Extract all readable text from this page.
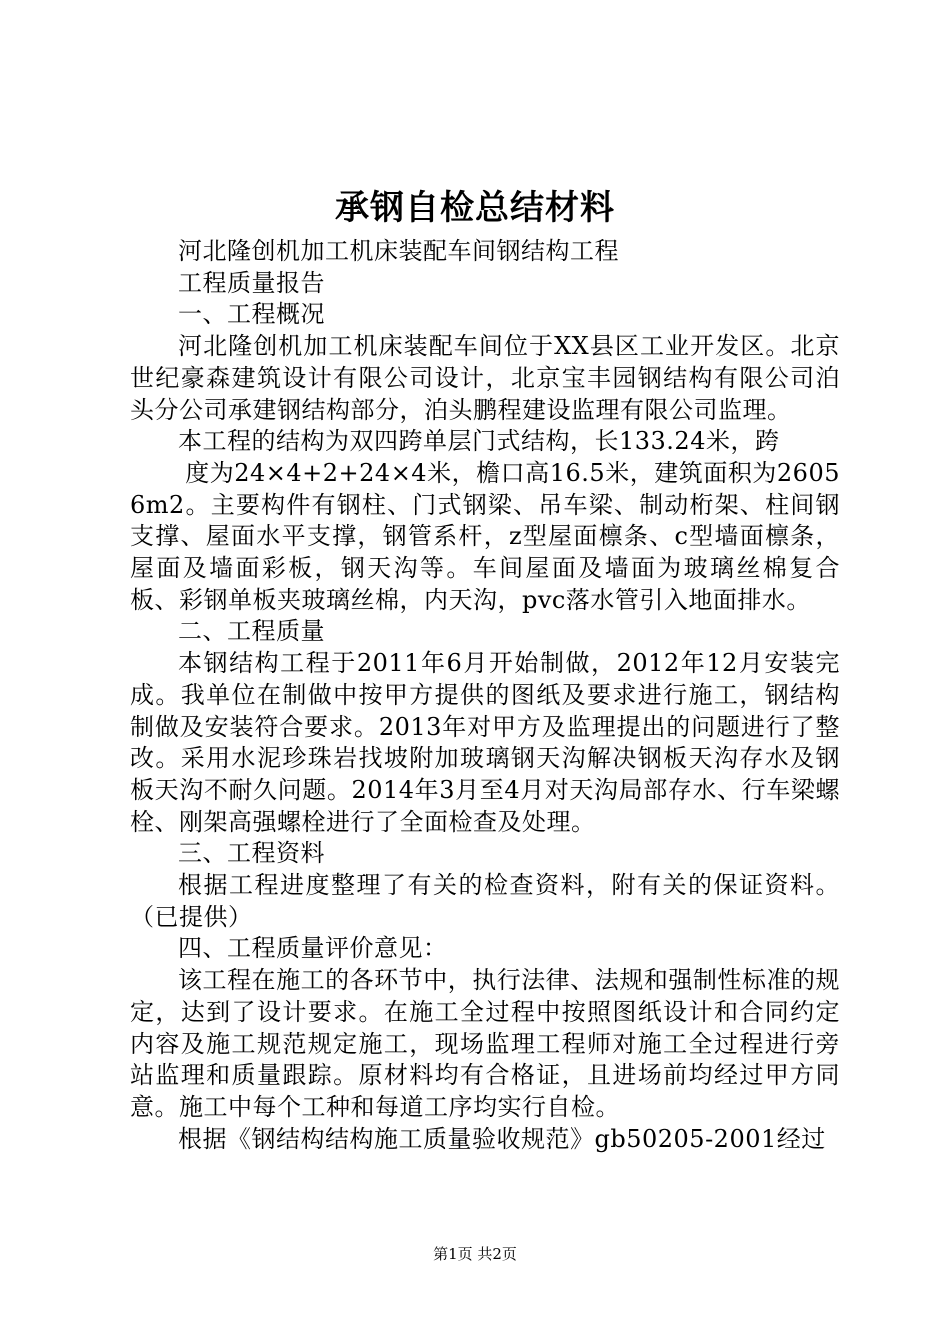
承钢自检总结材料

河北隆创机加工机床装配车间钢结构工程

工程质量报告

一、工程概况

河北隆创机加工机床装配车间位于XX县区工业开发区。北京世纪豪森建筑设计有限公司设计，北京宝丰园钢结构有限公司泊头分公司承建钢结构部分，泊头鹏程建设监理有限公司监理。

本工程的结构为双四跨单层门式结构，长133.24米，跨

度为24×4+2+24×4米，檐口高16.5米，建筑面积为26056m2。主要构件有钢柱、门式钢梁、吊车梁、制动桁架、柱间钢支撑、屋面水平支撑，钢管系杆，z型屋面檩条、c型墙面檩条，屋面及墙面彩板，钢天沟等。车间屋面及墙面为玻璃丝棉复合板、彩钢单板夹玻璃丝棉，内天沟，pvc落水管引入地面排水。

二、工程质量

本钢结构工程于2011年6月开始制做，2012年12月安装完成。我单位在制做中按甲方提供的图纸及要求进行施工，钢结构制做及安装符合要求。2013年对甲方及监理提出的问题进行了整改。采用水泥珍珠岩找坡附加玻璃钢天沟解决钢板天沟存水及钢板天沟不耐久问题。2014年3月至4月对天沟局部存水、行车梁螺栓、刚架高强螺栓进行了全面检查及处理。

三、工程资料

根据工程进度整理了有关的检查资料，附有关的保证资料。（已提供）

四、工程质量评价意见：

该工程在施工的各环节中，执行法律、法规和强制性标准的规定，达到了设计要求。在施工全过程中按照图纸设计和合同约定内容及施工规范规定施工，现场监理工程师对施工全过程进行旁站监理和质量跟踪。原材料均有合格证，且进场前均经过甲方同意。施工中每个工种和每道工序均实行自检。

根据《钢结构结构施工质量验收规范》gb50205-2001经过

第1页 共2页
